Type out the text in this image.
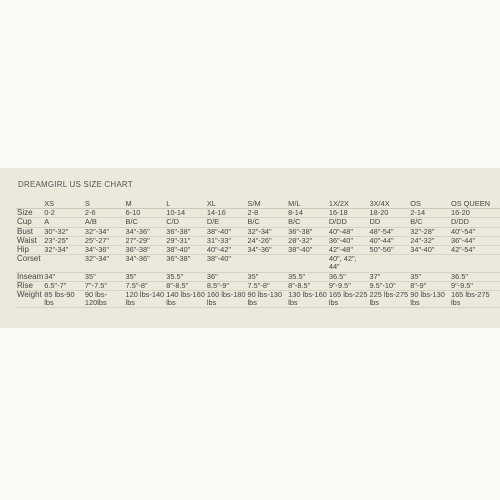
DREAMGIRL US SIZE CHART
	XS	S	M	L	XL	S/M	M/L	1X/2X	3X/4X	OS	OS QUEEN
Size	0-2	2-6	6-10	10-14	14-16	2-8	8-14	16-18	18-20	2-14	16-20
Cup	A	A/B	B/C	C/D	D/E	B/C	B/C	D/DD	DD	B/C	D/DD
Bust	30"-32"	32"-34"	34"-36"	36"-38"	38"-40"	32"-34"	36"-38"	40"-48"	48"-54"	32"-28"	40"-54"
Waist	23"-25"	25"-27"	27"-29"	29"-31"	31"-33"	24"-26"	28"-32"	36"-40"	40"-44"	24"-32"	36"-44"
Hip	32"-34"	34"-36"	36"-38"	38"-40"	40"-42"	34"-36"	38"-40"	42"-48"	50"-56"	34"-40"	42"-54"
Corset		32"-34"	34"-36"	36"-38"	38"-40"			40", 42", 44"			
Inseam	34"	35"	35"	35.5"	36"	35"	35.5"	36.5"	37"	35"	36.5"
Rise	6.5"-7"	7"-7.5"	7.5"-8"	8"-8.5"	8.5"-9"	7.5"-8"	8"-8.5"	9"-9.5"	9.5"-10"	8"-9"	9"-9.5"
Weight	85 lbs-90 lbs	90 lbs-120lbs	120 lbs-140 lbs	140 lbs-160 lbs	160 lbs-180 lbs	90 lbs-130 lbs	130 lbs-160 lbs	165 lbs-225 lbs	225 lbs-275 lbs	90 lbs-130 lbs	165 lbs-275 lbs
